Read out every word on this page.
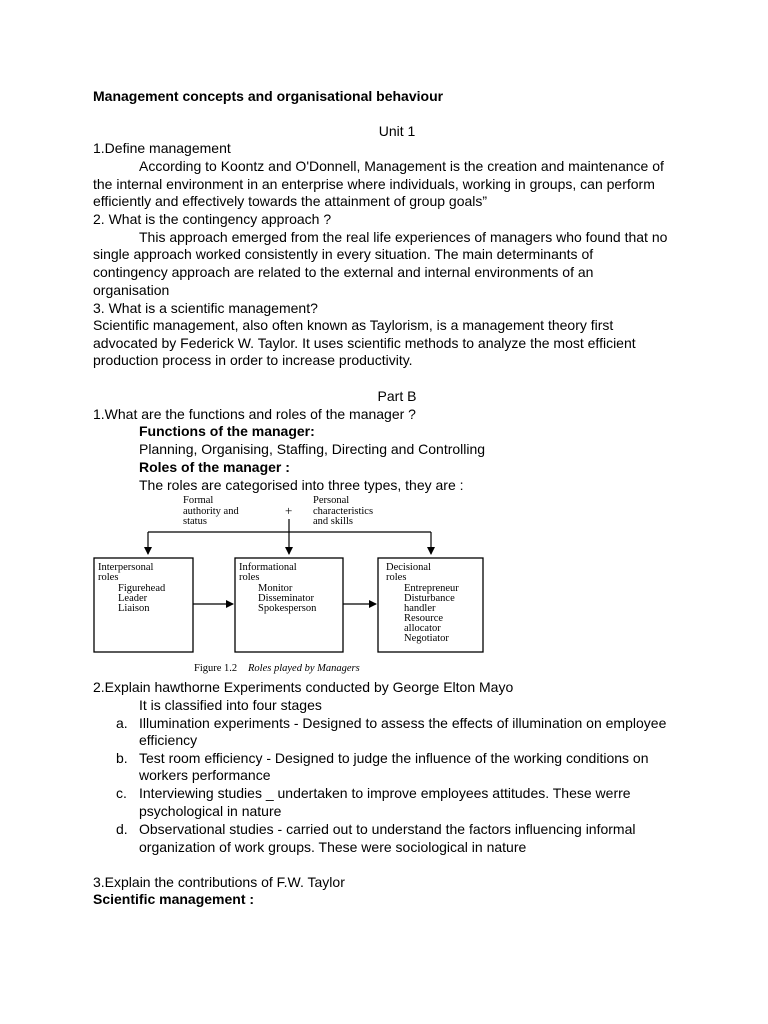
Management concepts and organisational behaviour
Unit 1
1.Define management
According to Koontz and O'Donnell, Management is the creation and maintenance of
the internal environment in an enterprise where individuals, working in groups, can perform
efficiently and effectively towards the attainment of group goals”
2. What is the contingency approach ?
This approach emerged from the real life experiences of managers who found that no
single approach worked consistently in every situation. The main determinants of
contingency approach are related to the external and internal environments of an
organisation
3. What is a scientific management?
Scientific management, also often known as Taylorism, is a management theory first
advocated by Federick W. Taylor. It uses scientific methods to analyze the most efficient
production process in order to increase productivity.
Part B
1.What are the functions and roles of the manager ?
Functions of the manager:
Planning, Organising, Staffing, Directing and Controlling
Roles of the manager :
The roles are categorised into three types, they are :
Formal
authority and
status
+
Personal
characteristics
and skills
Interpersonal
roles
Figurehead
Leader
Liaison
Informational
roles
Monitor
Disseminator
Spokesperson
Decisional
roles
Entrepreneur
Disturbance
handler
Resource
allocator
Negotiator
Figure 1.2 Roles played by Managers
2.Explain hawthorne Experiments conducted by George Elton Mayo
It is classified into four stages
a. Illumination experiments - Designed to assess the effects of illumination on employee
efficiency
b. Test room efficiency - Designed to judge the influence of the working conditions on
workers performance
c. Interviewing studies _ undertaken to improve employees attitudes. These werre
psychological in nature
d. Observational studies - carried out to understand the factors influencing informal
organization of work groups. These were sociological in nature
3.Explain the contributions of F.W. Taylor
Scientific management :
